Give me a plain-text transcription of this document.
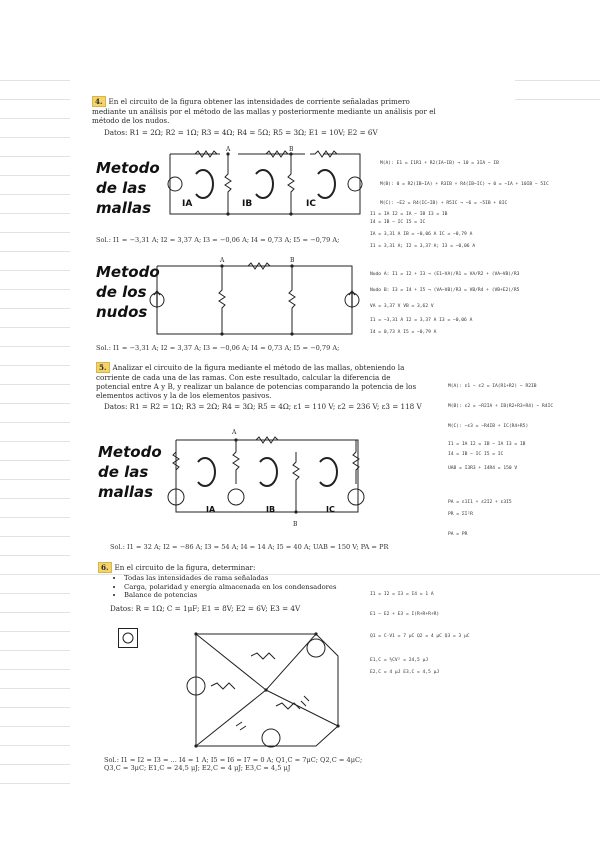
4. En el circuito de la figura obtener las intensidades de corriente señaladas primero mediante un análisis por el método de las mallas y posteriormente mediante un análisis por el método de los nudos.
Datos: R1 = 2Ω; R2 = 1Ω; R3 = 4Ω; R4 = 5Ω; R5 = 3Ω; E1 = 10V; E2 = 6V
Metodo de las mallas
A	B
IA	IB	IC
Sol.: I1 = −3,31 A; I2 = 3,37 A; I3 = −0,06 A; I4 = 0,73 A; I5 = −0,79 A;
Metodo de los nudos
A	B
Sol.: I1 = −3,31 A; I2 = 3,37 A; I3 = −0,06 A; I4 = 0,73 A; I5 = −0,79 A;
M(A): E1 = I1R1 + R2(IA−IB) → 10 = 3IA − IB
M(B): 0 = R2(IB−IA) + R3IB + R4(IB−IC) → 0 = −IA + 10IB − 5IC
M(C): −E2 = R4(IC−IB) + R5IC → −6 = −5IB + 8IC
I1 = IA I2 = IA − IB I3 = IB
I4 = IB − IC I5 = IC
IA = 3,31 A IB = −0,06 A IC = −0,79 A
I1 = 3,31 A; I2 = 3,37 A; I3 = −0,06 A
Nudo A: I1 = I2 + I3 → (E1−VA)/R1 = VA/R2 + (VA−VB)/R3
Nudo B: I3 = I4 + I5 → (VA−VB)/R3 = VB/R4 + (VB+E2)/R5
VA = 3,37 V VB = 3,62 V
I1 = −3,31 A I2 = 3,37 A I3 = −0,06 A
I4 = 0,73 A I5 = −0,79 A
5. Analizar el circuito de la figura mediante el método de las mallas, obteniendo la corriente de cada una de las ramas. Con este resultado, calcular la diferencia de potencial entre A y B, y realizar un balance de potencias comparando la potencia de los elementos activos y la de los elementos pasivos.
Datos: R1 = R2 = 1Ω; R3 = 2Ω; R4 = 3Ω; R5 = 4Ω; ε1 = 110 V; ε2 = 236 V; ε3 = 118 V
Metodo de las mallas
A
B
IA	IB	IC
Sol.: I1 = 32 A; I2 = −86 A; I3 = 54 A; I4 = 14 A; I5 = 40 A; UAB = 150 V; PA = PR
M(A): ε1 − ε2 = IA(R1+R2) − R2IB
M(B): ε2 = −R2IA + IB(R2+R3+R4) − R4IC
M(C): −ε3 = −R4IB + IC(R4+R5)
I1 = IA I2 = IB − IA I3 = IB
I4 = IB − IC I5 = IC
UAB = I3R3 + I4R4 = 150 V
PA = ε1I1 + ε2I2 + ε3I5
PR = ΣI²R
PA = PR
6. En el circuito de la figura, determinar:
• Todas las intensidades de rama señaladas
• Carga, polaridad y energía almacenada en los condensadores
• Balance de potencias
Datos: R = 1Ω; C = 1μF; E1 = 8V; E2 = 6V; E3 = 4V
Sol.: I1 = I2 = I3 = ... I4 = 1 A; I5 = I6 = I7 = 0 A; Q1,C = 7μC; Q2,C = 4μC; Q3,C = 3μC; E1,C = 24,5 μJ; E2,C = 4 μJ; E3,C = 4,5 μJ
I1 = I2 = I3 = I4 = 1 A
E1 − E2 + E3 = I(R+R+R+R)
Q1 = C·V1 = 7 μC Q2 = 4 μC Q3 = 3 μC
E1,C = ½CV² = 24,5 μJ
E2,C = 4 μJ E3,C = 4,5 μJ
